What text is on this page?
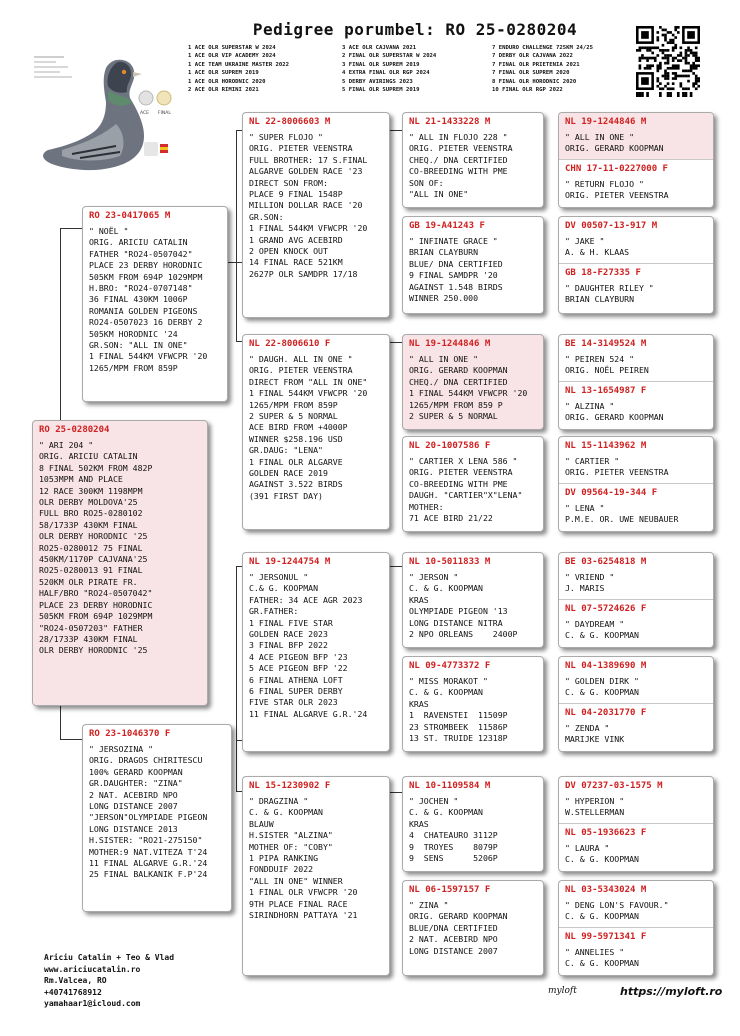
Pedigree porumbel: RO 25-0280204
1 ACE OLR SUPERSTAR W 2024
1 ACE OLR VIP ACADEMY 2024
1 ACE TEAM UKRAINE MASTER 2022
1 ACE OLR SUPREM 2019
1 ACE OLR HORODNIC 2020
2 ACE OLR RIMINI 2021
3 ACE OLR CAJVANA 2021
2 FINAL OLR SUPERSTAR W 2024
3 FINAL OLR SUPREM 2019
4 EXTRA FINAL OLR RGP 2024
5 DERBY AVIRINGS 2023
5 FINAL OLR SUPREM 2019
7 ENDURO CHALLENGE 725KM 24/25
7 DERBY OLR CAJVANA 2022
7 FINAL OLR PRIETENIA 2021
7 FINAL OLR SUPREM 2020
8 FINAL OLR HORODNIC 2020
10 FINAL OLR RGP 2022
ACE FINAL
RO 25-0280204
" ARI 204 "
ORIG. ARICIU CATALIN
8 FINAL 502KM FROM 482P
1053MPM AND PLACE
12 RACE 300KM 1198MPM
OLR DERBY MOLDOVA'25
FULL BRO RO25-0280102
58/1733P 430KM FINAL
OLR DERBY HORODNIC '25
RO25-0280012 75 FINAL
450KM/1170P CAJVANA'25
RO25-0280013 91 FINAL
520KM OLR PIRATE FR.
HALF/BRO "RO24-0507042"
PLACE 23 DERBY HORODNIC
505KM FROM 694P 1029MPM
"RO24-0507203" FATHER
28/1733P 430KM FINAL
OLR DERBY HORODNIC '25
RO 23-0417065 M
" NOËL "
ORIG. ARICIU CATALIN
FATHER "RO24-0507042"
PLACE 23 DERBY HORODNIC
505KM FROM 694P 1029MPM
H.BRO: "RO24-0707148"
36 FINAL 430KM 1006P
ROMANIA GOLDEN PIGEONS
RO24-0507023 16 DERBY 2
505KM HORODNIC '24
GR.SON: "ALL IN ONE"
1 FINAL 544KM VFWCPR '20
1265/MPM FROM 859P
RO 23-1046370 F
" JERSOZINA "
ORIG. DRAGOS CHIRITESCU
100% GERARD KOOPMAN
GR.DAUGHTER: "ZINA"
2 NAT. ACEBIRD NPO
LONG DISTANCE 2007
"JERSON"OLYMPIADE PIGEON
LONG DISTANCE 2013
H.SISTER: "RO21-275150"
MOTHER:9 NAT.VITEZA T'24
11 FINAL ALGARVE G.R.'24
25 FINAL BALKANIK F.P'24
NL 22-8006603 M
" SUPER FLOJO "
ORIG. PIETER VEENSTRA
FULL BROTHER: 17 S.FINAL
ALGARVE GOLDEN RACE '23
DIRECT SON FROM:
PLACE 9 FINAL 1548P
MILLION DOLLAR RACE '20
GR.SON:
1 FINAL 544KM VFWCPR '20
1 GRAND AVG ACEBIRD
2 OPEN KNOCK OUT
14 FINAL RACE 521KM
2627P OLR SAMDPR 17/18
NL 22-8006610 F
" DAUGH. ALL IN ONE "
ORIG. PIETER VEENSTRA
DIRECT FROM "ALL IN ONE"
1 FINAL 544KM VFWCPR '20
1265/MPM FROM 859P
2 SUPER & 5 NORMAL
ACE BIRD FROM +4000P
WINNER $258.196 USD
GR.DAUG: "LENA"
1 FINAL OLR ALGARVE
GOLDEN RACE 2019
AGAINST 3.522 BIRDS
(391 FIRST DAY)
NL 19-1244754 M
" JERSONUL "
C.& G. KOOPMAN
FATHER: 34 ACE AGR 2023
GR.FATHER:
1 FINAL FIVE STAR
GOLDEN RACE 2023
3 FINAL BFP 2022
4 ACE PIGEON BFP '23
5 ACE PIGEON BFP '22
6 FINAL ATHENA LOFT
6 FINAL SUPER DERBY
FIVE STAR OLR 2023
11 FINAL ALGARVE G.R.'24
NL 15-1230902 F
" DRAGZINA "
C. & G. KOOPMAN
BLAUW
H.SISTER "ALZINA"
MOTHER OF: "COBY"
1 PIPA RANKING
FONDDUIF 2022
"ALL IN ONE" WINNER
1 FINAL OLR VFWCPR '20
9TH PLACE FINAL RACE
SIRINDHORN PATTAYA '21
NL 21-1433228 M
" ALL IN FLOJO 228 "
ORIG. PIETER VEENSTRA
CHEQ./ DNA CERTIFIED
CO-BREEDING WITH PME
SON OF:
"ALL IN ONE"
GB 19-A41243 F
" INFINATE GRACE "
BRIAN CLAYBURN
BLUE/ DNA CERTIFIED
9 FINAL SAMDPR '20
AGAINST 1.548 BIRDS
WINNER 250.000
NL 19-1244846 M
" ALL IN ONE "
ORIG. GERARD KOOPMAN
CHEQ./ DNA CERTIFIED
1 FINAL 544KM VFWCPR '20
1265/MPM FROM 859 P
2 SUPER & 5 NORMAL
NL 20-1007586 F
" CARTIER X LENA 586 "
ORIG. PIETER VEENSTRA
CO-BREEDING WITH PME
DAUGH. "CARTIER"X"LENA"
MOTHER:
71 ACE BIRD 21/22
NL 10-5011833 M
" JERSON "
C. & G. KOOPMAN
KRAS
OLYMPIADE PIGEON '13
LONG DISTANCE NITRA
2 NPO ORLEANS    2400P
NL 09-4773372 F
" MISS MORAKOT "
C. & G. KOOPMAN
KRAS
1  RAVENSTEI  11509P
23 STROMBEEK  11586P
13 ST. TRUIDE 12318P
NL 10-1109584 M
" JOCHEN "
C. & G. KOOPMAN
KRAS
4  CHATEAURO 3112P
9  TROYES    8079P
9  SENS      5206P
NL 06-1597157 F
" ZINA "
ORIG. GERARD KOOPMAN
BLUE/DNA CERTIFIED
2 NAT. ACEBIRD NPO
LONG DISTANCE 2007
NL 19-1244846 M
" ALL IN ONE "
ORIG. GERARD KOOPMAN
CHN 17-11-0227000 F
" RETURN FLOJO "
ORIG. PIETER VEENSTRA
DV 00507-13-917 M
" JAKE "
A. & H. KLAAS
GB 18-F27335 F
" DAUGHTER RILEY "
BRIAN CLAYBURN
BE 14-3149524 M
" PEIREN 524 "
ORIG. NOËL PEIREN
NL 13-1654987 F
" ALZINA "
ORIG. GERARD KOOPMAN
NL 15-1143962 M
" CARTIER "
ORIG. PIETER VEENSTRA
DV 09564-19-344 F
" LENA "
P.M.E. OR. UWE NEUBAUER
BE 03-6254818 M
" VRIEND "
J. MARIS
NL 07-5724626 F
" DAYDREAM "
C. & G. KOOPMAN
NL 04-1389690 M
" GOLDEN DIRK "
C. & G. KOOPMAN
NL 04-2031770 F
" ZENDA "
MARIJKE VINK
DV 07237-03-1575 M
" HYPERION "
W.STELLERMAN
NL 05-1936623 F
" LAURA "
C. & G. KOOPMAN
NL 03-5343024 M
" DENG LON'S FAVOUR."
C. & G. KOOPMAN
NL 99-5971341 F
" ANNELIES "
C. & G. KOOPMAN
Ariciu Catalin + Teo & Vlad
www.ariciucatalin.ro
Rm.Valcea, RO
+40741768912
yamahaar1@icloud.com
myloft	https://myloft.ro
